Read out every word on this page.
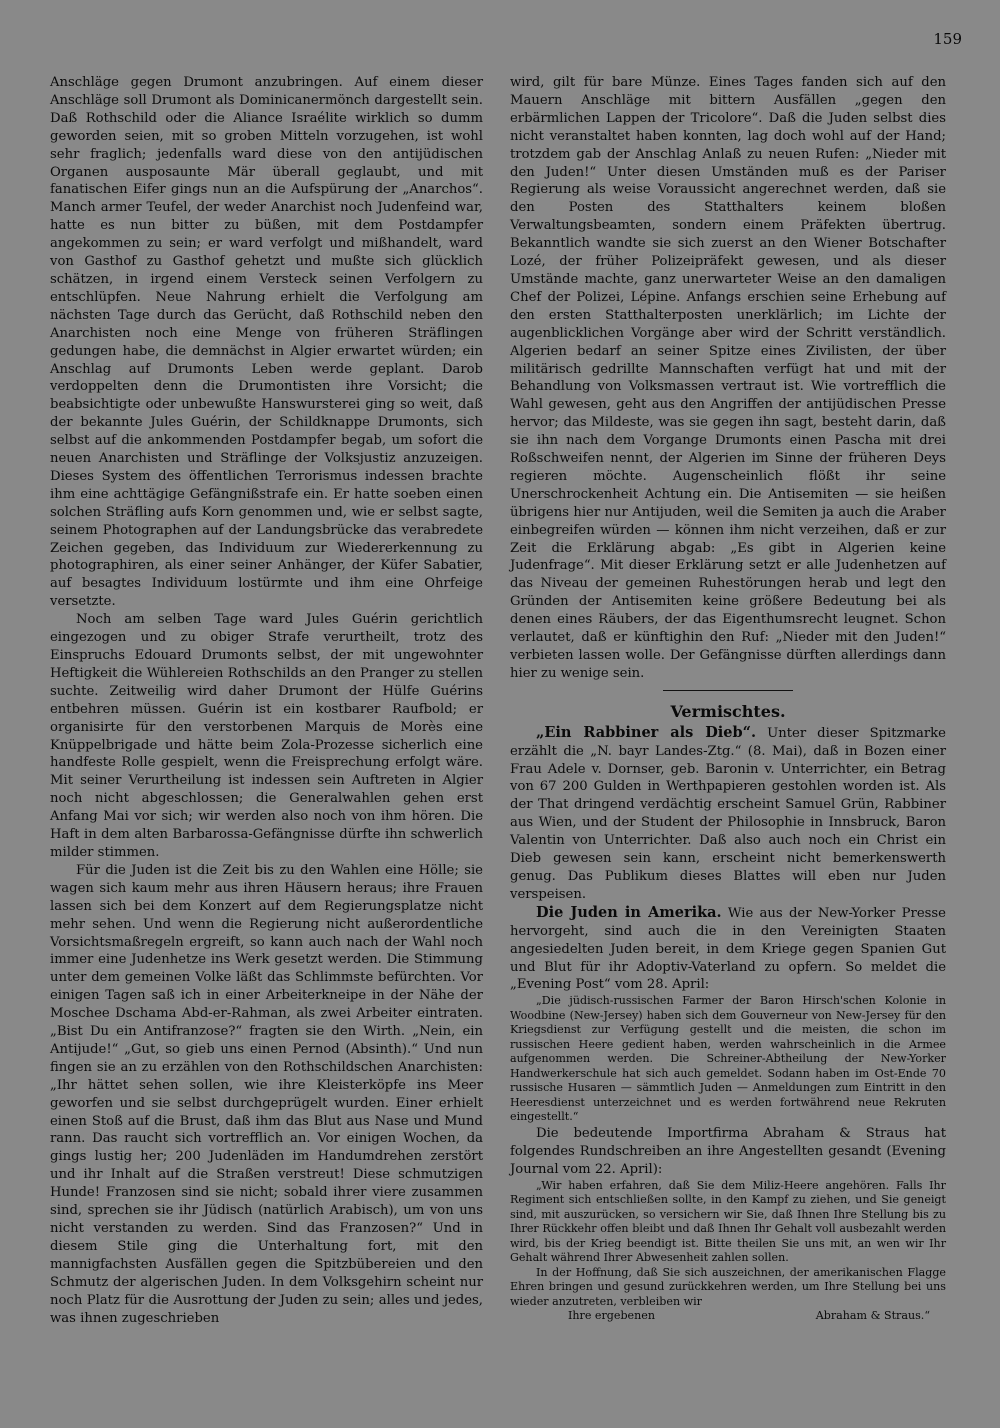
159

Anschläge gegen Drumont anzubringen. Auf einem dieser Anschläge soll Drumont als Dominicanermönch dargestellt sein. Daß Rothschild oder die Aliance Israélite wirklich so dumm geworden seien, mit so groben Mitteln vorzugehen, ist wohl sehr fraglich; jedenfalls ward diese von den antijüdischen Organen ausposaunte Mär überall geglaubt, und mit fanatischen Eifer gings nun an die Aufspürung der „Anarchos“. Manch armer Teufel, der weder Anarchist noch Judenfeind war, hatte es nun bitter zu büßen, mit dem Postdampfer angekommen zu sein; er ward verfolgt und mißhandelt, ward von Gasthof zu Gasthof gehetzt und mußte sich glücklich schätzen, in irgend einem Versteck seinen Verfolgern zu entschlüpfen. Neue Nahrung erhielt die Verfolgung am nächsten Tage durch das Gerücht, daß Rothschild neben den Anarchisten noch eine Menge von früheren Sträflingen gedungen habe, die demnächst in Algier erwartet würden; ein Anschlag auf Drumonts Leben werde geplant. Darob verdoppelten denn die Drumontisten ihre Vorsicht; die beabsichtigte oder unbewußte Hanswursterei ging so weit, daß der bekannte Jules Guérin, der Schildknappe Drumonts, sich selbst auf die ankommenden Postdampfer begab, um sofort die neuen Anarchisten und Sträflinge der Volksjustiz anzuzeigen. Dieses System des öffentlichen Terrorismus indessen brachte ihm eine achttägige Gefängnißstrafe ein. Er hatte soeben einen solchen Sträfling aufs Korn genommen und, wie er selbst sagte, seinem Photographen auf der Landungsbrücke das verabredete Zeichen gegeben, das Individuum zur Wiedererkennung zu photographiren, als einer seiner Anhänger, der Küfer Sabatier, auf besagtes Individuum lostürmte und ihm eine Ohrfeige versetzte.

Noch am selben Tage ward Jules Guérin gerichtlich eingezogen und zu obiger Strafe verurtheilt, trotz des Einspruchs Edouard Drumonts selbst, der mit ungewohnter Heftigkeit die Wühlereien Rothschilds an den Pranger zu stellen suchte. Zeitweilig wird daher Drumont der Hülfe Guérins entbehren müssen. Guérin ist ein kostbarer Raufbold; er organisirte für den verstorbenen Marquis de Morès eine Knüppelbrigade und hätte beim Zola-Prozesse sicherlich eine handfeste Rolle gespielt, wenn die Freisprechung erfolgt wäre. Mit seiner Verurtheilung ist indessen sein Auftreten in Algier noch nicht abgeschlossen; die Generalwahlen gehen erst Anfang Mai vor sich; wir werden also noch von ihm hören. Die Haft in dem alten Barbarossa-Gefängnisse dürfte ihn schwerlich milder stimmen.

Für die Juden ist die Zeit bis zu den Wahlen eine Hölle; sie wagen sich kaum mehr aus ihren Häusern heraus; ihre Frauen lassen sich bei dem Konzert auf dem Regierungsplatze nicht mehr sehen. Und wenn die Regierung nicht außerordentliche Vorsichtsmaßregeln ergreift, so kann auch nach der Wahl noch immer eine Judenhetze ins Werk gesetzt werden. Die Stimmung unter dem gemeinen Volke läßt das Schlimmste befürchten. Vor einigen Tagen saß ich in einer Arbeiterkneipe in der Nähe der Moschee Dschama Abd-er-Rahman, als zwei Arbeiter eintraten. „Bist Du ein Antifranzose?“ fragten sie den Wirth. „Nein, ein Antijude!“ „Gut, so gieb uns einen Pernod (Absinth).“ Und nun fingen sie an zu erzählen von den Rothschildschen Anarchisten: „Ihr hättet sehen sollen, wie ihre Kleisterköpfe ins Meer geworfen und sie selbst durchgeprügelt wurden. Einer erhielt einen Stoß auf die Brust, daß ihm das Blut aus Nase und Mund rann. Das raucht sich vortrefflich an. Vor einigen Wochen, da gings lustig her; 200 Judenläden im Handumdrehen zerstört und ihr Inhalt auf die Straßen verstreut! Diese schmutzigen Hunde! Franzosen sind sie nicht; sobald ihrer viere zusammen sind, sprechen sie ihr Jüdisch (natürlich Arabisch), um von uns nicht verstanden zu werden. Sind das Franzosen?“ Und in diesem Stile ging die Unterhaltung fort, mit den mannigfachsten Ausfällen gegen die Spitzbübereien und den Schmutz der algerischen Juden. In dem Volksgehirn scheint nur noch Platz für die Ausrottung der Juden zu sein; alles und jedes, was ihnen zugeschrieben

wird, gilt für bare Münze. Eines Tages fanden sich auf den Mauern Anschläge mit bittern Ausfällen „gegen den erbärmlichen Lappen der Tricolore“. Daß die Juden selbst dies nicht veranstaltet haben konnten, lag doch wohl auf der Hand; trotzdem gab der Anschlag Anlaß zu neuen Rufen: „Nieder mit den Juden!“ Unter diesen Umständen muß es der Pariser Regierung als weise Voraussicht angerechnet werden, daß sie den Posten des Statthalters keinem bloßen Verwaltungsbeamten, sondern einem Präfekten übertrug. Bekanntlich wandte sie sich zuerst an den Wiener Botschafter Lozé, der früher Polizeipräfekt gewesen, und als dieser Umstände machte, ganz unerwarteter Weise an den damaligen Chef der Polizei, Lépine. Anfangs erschien seine Erhebung auf den ersten Statthalterposten unerklärlich; im Lichte der augenblicklichen Vorgänge aber wird der Schritt verständlich. Algerien bedarf an seiner Spitze eines Zivilisten, der über militärisch gedrillte Mannschaften verfügt hat und mit der Behandlung von Volksmassen vertraut ist. Wie vortrefflich die Wahl gewesen, geht aus den Angriffen der antijüdischen Presse hervor; das Mildeste, was sie gegen ihn sagt, besteht darin, daß sie ihn nach dem Vorgange Drumonts einen Pascha mit drei Roßschweifen nennt, der Algerien im Sinne der früheren Deys regieren möchte. Augenscheinlich flößt ihr seine Unerschrockenheit Achtung ein. Die Antisemiten — sie heißen übrigens hier nur Antijuden, weil die Semiten ja auch die Araber einbegreifen würden — können ihm nicht verzeihen, daß er zur Zeit die Erklärung abgab: „Es gibt in Algerien keine Judenfrage“. Mit dieser Erklärung setzt er alle Judenhetzen auf das Niveau der gemeinen Ruhestörungen herab und legt den Gründen der Antisemiten keine größere Bedeutung bei als denen eines Räubers, der das Eigenthumsrecht leugnet. Schon verlautet, daß er künftighin den Ruf: „Nieder mit den Juden!“ verbieten lassen wolle. Der Gefängnisse dürften allerdings dann hier zu wenige sein.

Vermischtes.

„Ein Rabbiner als Dieb“. Unter dieser Spitzmarke erzählt die „N. bayr Landes-Ztg.“ (8. Mai), daß in Bozen einer Frau Adele v. Dornser, geb. Baronin v. Unterrichter, ein Betrag von 67 200 Gulden in Werthpapieren gestohlen worden ist. Als der That dringend verdächtig erscheint Samuel Grün, Rabbiner aus Wien, und der Student der Philosophie in Innsbruck, Baron Valentin von Unterrichter. Daß also auch noch ein Christ ein Dieb gewesen sein kann, erscheint nicht bemerkenswerth genug. Das Publikum dieses Blattes will eben nur Juden verspeisen.

Die Juden in Amerika. Wie aus der New-Yorker Presse hervorgeht, sind auch die in den Vereinigten Staaten angesiedelten Juden bereit, in dem Kriege gegen Spanien Gut und Blut für ihr Adoptiv-Vaterland zu opfern. So meldet die „Evening Post“ vom 28. April:

„Die jüdisch-russischen Farmer der Baron Hirsch'schen Kolonie in Woodbine (New-Jersey) haben sich dem Gouverneur von New-Jersey für den Kriegsdienst zur Verfügung gestellt und die meisten, die schon im russischen Heere gedient haben, werden wahrscheinlich in die Armee aufgenommen werden. Die Schreiner-Abtheilung der New-Yorker Handwerkerschule hat sich auch gemeldet. Sodann haben im Ost-Ende 70 russische Husaren — sämmtlich Juden — Anmeldungen zum Eintritt in den Heeresdienst unterzeichnet und es werden fortwährend neue Rekruten eingestellt.“

Die bedeutende Importfirma Abraham & Straus hat folgendes Rundschreiben an ihre Angestellten gesandt (Evening Journal vom 22. April):

„Wir haben erfahren, daß Sie dem Miliz-Heere angehören. Falls Ihr Regiment sich entschließen sollte, in den Kampf zu ziehen, und Sie geneigt sind, mit auszurücken, so versichern wir Sie, daß Ihnen Ihre Stellung bis zu Ihrer Rückkehr offen bleibt und daß Ihnen Ihr Gehalt voll ausbezahlt werden wird, bis der Krieg beendigt ist. Bitte theilen Sie uns mit, an wen wir Ihr Gehalt während Ihrer Abwesenheit zahlen sollen.

In der Hoffnung, daß Sie sich auszeichnen, der amerikanischen Flagge Ehren bringen und gesund zurückkehren werden, um Ihre Stellung bei uns wieder anzutreten, verbleiben wir

Ihre ergebenen	Abraham & Straus.“
